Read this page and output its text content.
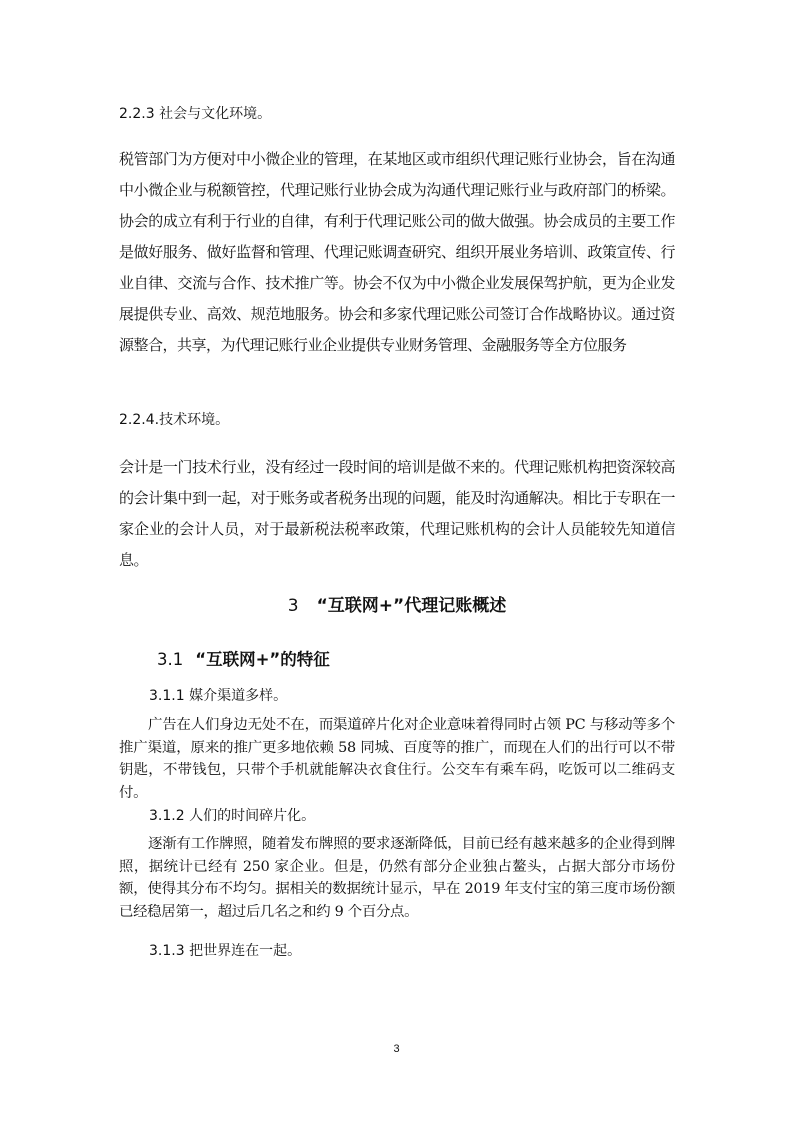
2.2.3 社会与文化环境。

税管部门为方便对中小微企业的管理，在某地区或市组织代理记账行业协会，旨在沟通中小微企业与税额管控，代理记账行业协会成为沟通代理记账行业与政府部门的桥梁。协会的成立有利于行业的自律，有利于代理记账公司的做大做强。协会成员的主要工作是做好服务、做好监督和管理、代理记账调查研究、组织开展业务培训、政策宣传、行业自律、交流与合作、技术推广等。协会不仅为中小微企业发展保驾护航，更为企业发展提供专业、高效、规范地服务。协会和多家代理记账公司签订合作战略协议。通过资源整合，共享，为代理记账行业企业提供专业财务管理、金融服务等全方位服务

2.2.4.技术环境。

会计是一门技术行业，没有经过一段时间的培训是做不来的。代理记账机构把资深较高的会计集中到一起，对于账务或者税务出现的问题，能及时沟通解决。相比于专职在一家企业的会计人员，对于最新税法税率政策，代理记账机构的会计人员能较先知道信息。

3 “互联网+”代理记账概述
3.1 “互联网+”的特征
3.1.1 媒介渠道多样。

广告在人们身边无处不在，而渠道碎片化对企业意味着得同时占领 PC 与移动等多个推广渠道，原来的推广更多地依赖 58 同城、百度等的推广，而现在人们的出行可以不带钥匙，不带钱包，只带个手机就能解决衣食住行。公交车有乘车码，吃饭可以二维码支付。

3.1.2 人们的时间碎片化。

逐渐有工作牌照，随着发布牌照的要求逐渐降低，目前已经有越来越多的企业得到牌照，据统计已经有 250 家企业。但是，仍然有部分企业独占鳌头，占据大部分市场份额，使得其分布不均匀。据相关的数据统计显示，早在 2019 年支付宝的第三度市场份额已经稳居第一，超过后几名之和约 9 个百分点。

3.1.3 把世界连在一起。
3
